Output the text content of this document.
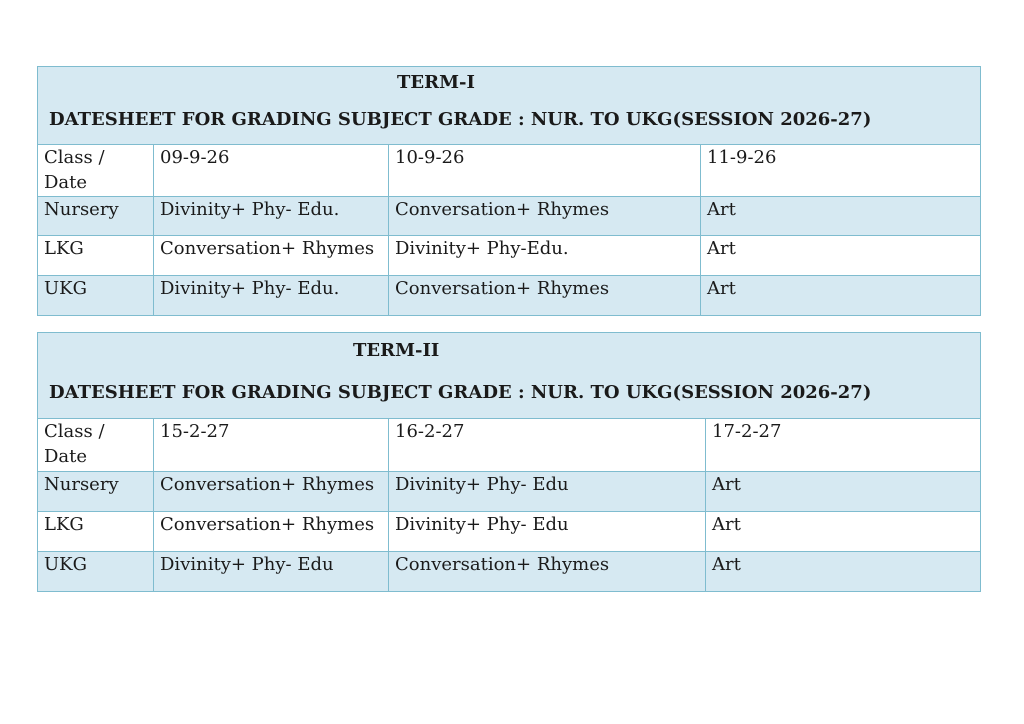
TERM-I
DATESHEET FOR GRADING SUBJECT GRADE : NUR. TO UKG(SESSION 2026-27)			

Class / Date	09-9-26	10-9-26	11-9-26
Nursery	Divinity+ Phy- Edu.	Conversation+ Rhymes	Art
LKG	Conversation+ Rhymes	Divinity+ Phy-Edu.	Art
UKG	Divinity+ Phy- Edu.	Conversation+ Rhymes	Art
TERM-II
DATESHEET FOR GRADING SUBJECT GRADE : NUR. TO UKG(SESSION 2026-27)			

Class / Date	15-2-27	16-2-27	17-2-27
Nursery	Conversation+ Rhymes	Divinity+ Phy- Edu	Art
LKG	Conversation+ Rhymes	Divinity+ Phy- Edu	Art
UKG	Divinity+ Phy- Edu	Conversation+ Rhymes	Art
